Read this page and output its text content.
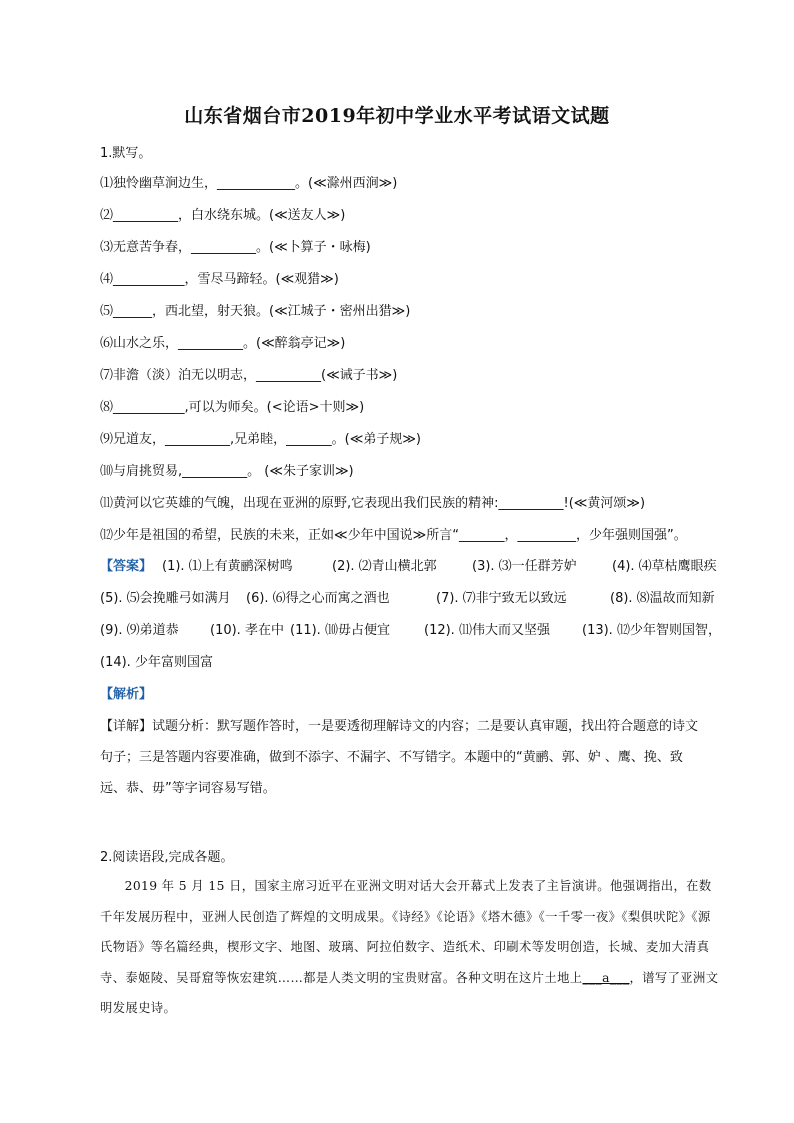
山东省烟台市2019年初中学业水平考试语文试题
1.默写。
⑴独怜幽草涧边生，____________。(≪滁州西涧≫)
⑵__________，白水绕东城。(≪送友人≫)
⑶无意苦争春，__________。(≪卜算子・咏梅)
⑷___________，雪尽马蹄轻。(≪观猎≫)
⑸______，西北望，射天狼。(≪江城子・密州出猎≫)
⑹山水之乐，__________。(≪醉翁亭记≫)
⑺非澹（淡）泊无以明志，__________(≪诫子书≫)
⑻___________,可以为师矣。(<论语>十则≫)
⑼兄道友，__________,兄弟睦，_______。(≪弟子规≫)
⑽与肩挑贸易,__________。 (≪朱子家训≫)
⑾黄河以它英雄的气魄，出现在亚洲的原野,它表现出我们民族的精神:__________!(≪黄河颂≫)
⑿少年是祖国的希望，民族的未来，正如≪少年中国说≫所言“_______，_________，少年强则国强”。
【答案】 (1). ⑴上有黄鹂深树鸣	(2). ⑵青山横北郭	(3). ⑶一任群芳妒	(4). ⑷草枯鹰眼疾
(5). ⑸会挽雕弓如满月 (6). ⑹得之心而寓之酒也	(7). ⑺非宁致无以致远	(8). ⑻温故而知新
(9). ⑼弟道恭 (10). 孝在中 (11). ⑽毋占便宜	(12). ⑾伟大而又坚强 (13). ⑿少年智则国智，
(14). 少年富则国富
【解析】
【详解】试题分析：默写题作答时，一是要透彻理解诗文的内容；二是要认真审题，找出符合题意的诗文句子；三是答题内容要准确，做到不添字、不漏字、不写错字。本题中的“黄鹂、郭、妒 、鹰、挽、致远、恭、毋”等字词容易写错。
2.阅读语段,完成各题。
2019 年 5 月 15 日，国家主席习近平在亚洲文明对话大会开幕式上发表了主旨演讲。他强调指出，在数千年发展历程中，亚洲人民创造了辉煌的文明成果。《诗经》《论语》《塔木德》《一千零一夜》《梨俱吠陀》《源氏物语》等名篇经典，楔形文字、地图、玻璃、阿拉伯数字、造纸术、印刷术等发明创造，长城、麦加大清真寺、泰姬陵、吴哥窟等恢宏建筑……都是人类文明的宝贵财富。各种文明在这片土地上___a___，谱写了亚洲文明发展史诗。
